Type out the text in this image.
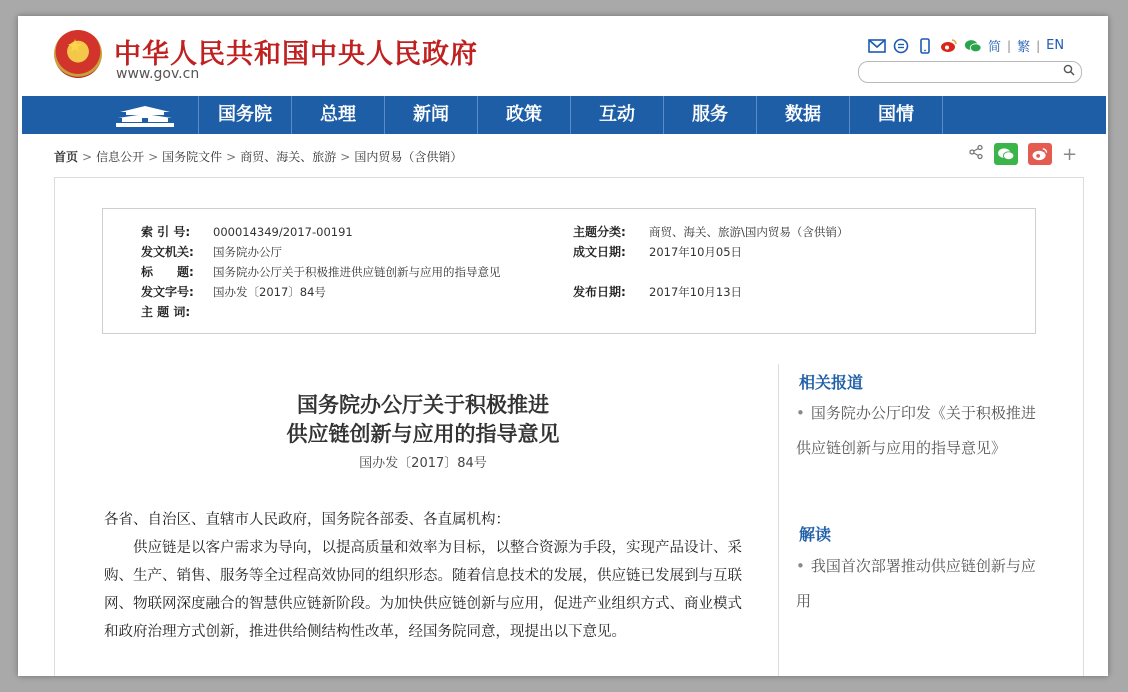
★ 中华人民共和国中央人民政府
www.gov.cn
简 | 繁 | EN
国务院	总理	新闻	政策	互动	服务	数据	国情
首页 > 信息公开 > 国务院文件 > 商贸、海关、旅游 > 国内贸易（含供销）	+
索 引 号: 000014349/2017-00191
发文机关: 国务院办公厅
标　　题: 国务院办公厅关于积极推进供应链创新与应用的指导意见
发文字号: 国办发〔2017〕84号
主 题 词:
主题分类: 商贸、海关、旅游\国内贸易（含供销）
成文日期: 2017年10月05日
发布日期: 2017年10月13日
国务院办公厅关于积极推进
供应链创新与应用的指导意见
国办发〔2017〕84号

各省、自治区、直辖市人民政府，国务院各部委、各直属机构：

供应链是以客户需求为导向，以提高质量和效率为目标，以整合资源为手段，实现产品设计、采购、生产、销售、服务等全过程高效协同的组织形态。随着信息技术的发展，供应链已发展到与互联网、物联网深度融合的智慧供应链新阶段。为加快供应链创新与应用，促进产业组织方式、商业模式和政府治理方式创新，推进供给侧结构性改革，经国务院同意，现提出以下意见。

相关报道
• 国务院办公厅印发《关于积极推进供应链创新与应用的指导意见》
解读
• 我国首次部署推动供应链创新与应用
